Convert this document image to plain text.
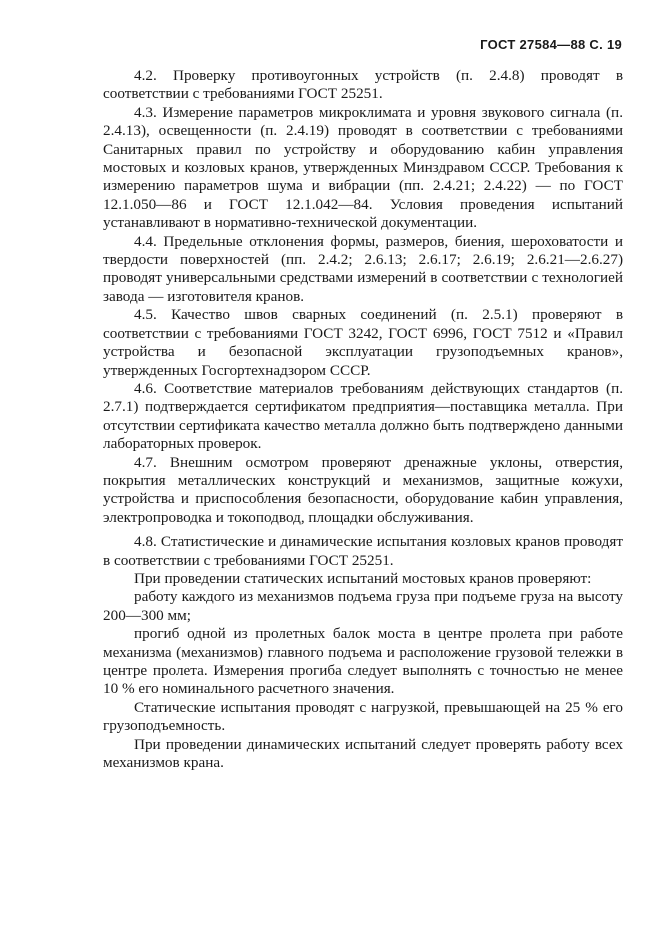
ГОСТ 27584—88 С. 19

4.2. Проверку противоугонных устройств (п. 2.4.8) проводят в соответствии с требованиями ГОСТ 25251.

4.3. Измерение параметров микроклимата и уровня звукового сигнала (п. 2.4.13), освещенности (п. 2.4.19) проводят в соответствии с требованиями Санитарных правил по устройству и оборудованию кабин управления мостовых и козловых кранов, утвержденных Минздравом СССР. Требования к измерению параметров шума и вибрации (пп. 2.4.21; 2.4.22) — по ГОСТ 12.1.050—86 и ГОСТ 12.1.042—84. Условия проведения испытаний устанавливают в нормативно-технической документации.

4.4. Предельные отклонения формы, размеров, биения, шероховатости и твердости поверхностей (пп. 2.4.2; 2.6.13; 2.6.17; 2.6.19; 2.6.21—2.6.27) проводят универсальными средствами измерений в соответствии с технологией завода — изготовителя кранов.

4.5. Качество швов сварных соединений (п. 2.5.1) проверяют в соответствии с требованиями ГОСТ 3242, ГОСТ 6996, ГОСТ 7512 и «Правил устройства и безопасной эксплуатации грузоподъемных кранов», утвержденных Госгортехнадзором СССР.

4.6. Соответствие материалов требованиям действующих стандартов (п. 2.7.1) подтверждается сертификатом предприятия—поставщика металла. При отсутствии сертификата качество металла должно быть подтверждено данными лабораторных проверок.

4.7. Внешним осмотром проверяют дренажные уклоны, отверстия, покрытия металлических конструкций и механизмов, защитные кожухи, устройства и приспособления безопасности, оборудование кабин управления, электропроводка и токоподвод, площадки обслуживания.

4.8. Статистические и динамические испытания козловых кранов проводят в соответствии с требованиями ГОСТ 25251.

При проведении статических испытаний мостовых кранов проверяют:

работу каждого из механизмов подъема груза при подъеме груза на высоту 200—300 мм;

прогиб одной из пролетных балок моста в центре пролета при работе механизма (механизмов) главного подъема и расположение грузовой тележки в центре пролета. Измерения прогиба следует выполнять с точностью не менее 10 % его номинального расчетного значения.

Статические испытания проводят с нагрузкой, превышающей на 25 % его грузоподъемность.

При проведении динамических испытаний следует проверять работу всех механизмов крана.
